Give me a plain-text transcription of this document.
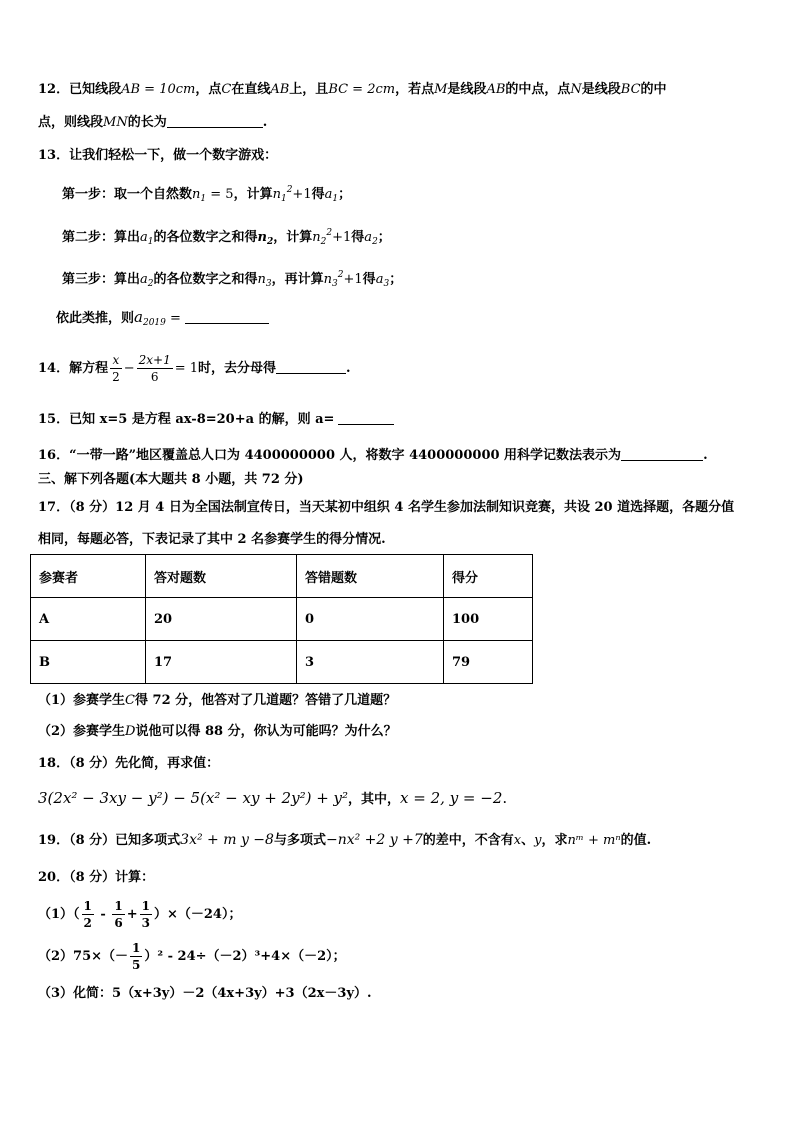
12．已知线段AB = 10cm，点C在直线AB上，且BC = 2cm，若点M是线段AB的中点，点N是线段BC的中
点，则线段MN的长为	.
13．让我们轻松一下，做一个数字游戏：
第一步：取一个自然数$n_1 = 5$，计算$n_1^2+1$得$a_1$；
第二步：算出$a_1$的各位数字之和得$n_2$，计算$n_2^2+1$得$a_2$；
第三步：算出$a_2$的各位数字之和得$n_3$，再计算$n_3^2+1$得$a_3$；
依此类推，则$a_{2019}$ =
14．解方程 $\frac{x}{2} - \frac{2x+1}{6} = 1$时，去分母得	.
15．已知 x=5 是方程 ax-8=20+a 的解，则 a=
16．“一带一路”地区覆盖总人口为 4400000000 人，将数字 4400000000 用科学记数法表示为	.
三、解下列各题(本大题共 8 小题，共 72 分)
17．（8 分）12 月 4 日为全国法制宣传日，当天某初中组织 4 名学生参加法制知识竞赛，共设 20 道选择题，各题分值
相同，每题必答，下表记录了其中 2 名参赛学生的得分情况.
参赛者	答对题数	答错题数	得分
A	20	0	100
B	17	3	79
（1）参赛学生C得 72 分，他答对了几道题？答错了几道题？
（2）参赛学生D说他可以得 88 分，你认为可能吗？为什么？
18．（8 分）先化简，再求值：
3(2x² − 3xy − y²) − 5(x² − xy + 2y²) + y²，其中，x = 2, y = −2.
19．（8 分）已知多项式3x² + m y −8与多项式−nx² +2 y +7的差中，不含有x、y，求nᵐ + mⁿ的值.
20．（8 分）计算：
$(1)( \frac{1}{2} - \frac{1}{6} + \frac{1}{3} )\times(-24)$；
$(2)75\times(- \frac{1}{5} )^2 - 24\div(-2)^3+4\times(-2)$；
（3）化简：5（x+3y）－2（4x+3y）+3（2x－3y）.
